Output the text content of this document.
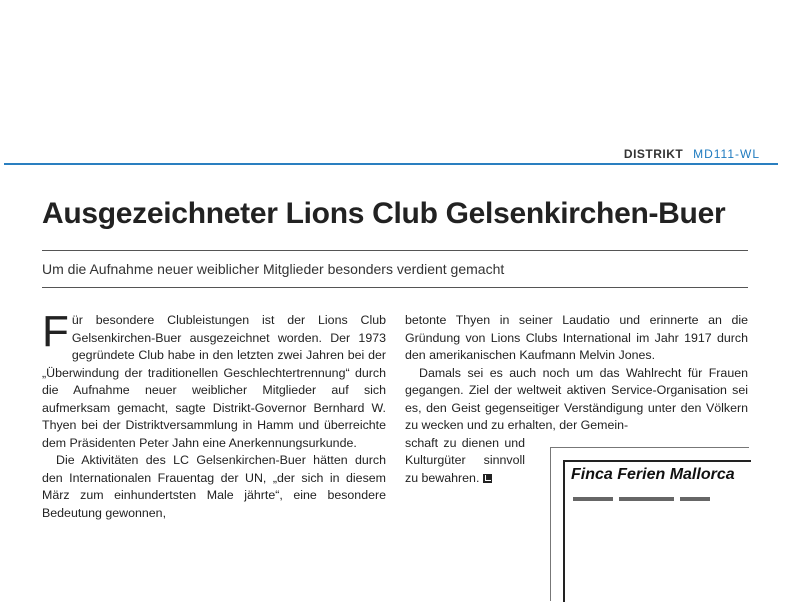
DISTRIKT MD111-WL
Ausgezeichneter Lions Club Gelsenkirchen-Buer
Um die Aufnahme neuer weiblicher Mitglieder besonders verdient gemacht

Für besondere Clubleistungen ist der Lions Club Gelsenkirchen-Buer ausgezeichnet worden. Der 1973 gegründete Club habe in den letzten zwei Jahren bei der „Überwindung der traditionellen Geschlechtertrennung“ durch die Aufnahme neuer weiblicher Mitglieder auf sich aufmerksam gemacht, sagte Distrikt-Governor Bernhard W. Thyen bei der Distriktversammlung in Hamm und überreichte dem Präsidenten Peter Jahn eine Anerkennungsurkunde.

Die Aktivitäten des LC Gelsenkirchen-Buer hätten durch den Internationalen Frauentag der UN, „der sich in diesem März zum einhundertsten Male jährte“, eine besondere Bedeutung gewonnen,

betonte Thyen in seiner Laudatio und erinnerte an die Gründung von Lions Clubs International im Jahr 1917 durch den amerikanischen Kaufmann Melvin Jones.

Damals sei es auch noch um das Wahlrecht für Frauen gegangen. Ziel der weltweit aktiven Service-Organisation sei es, den Geist gegenseitiger Verständigung unter den Völkern zu wecken und zu erhalten, der Gemein-

schaft zu dienen und Kulturgüter sinnvoll zu bewahren.	Finca Ferien Mallorca
